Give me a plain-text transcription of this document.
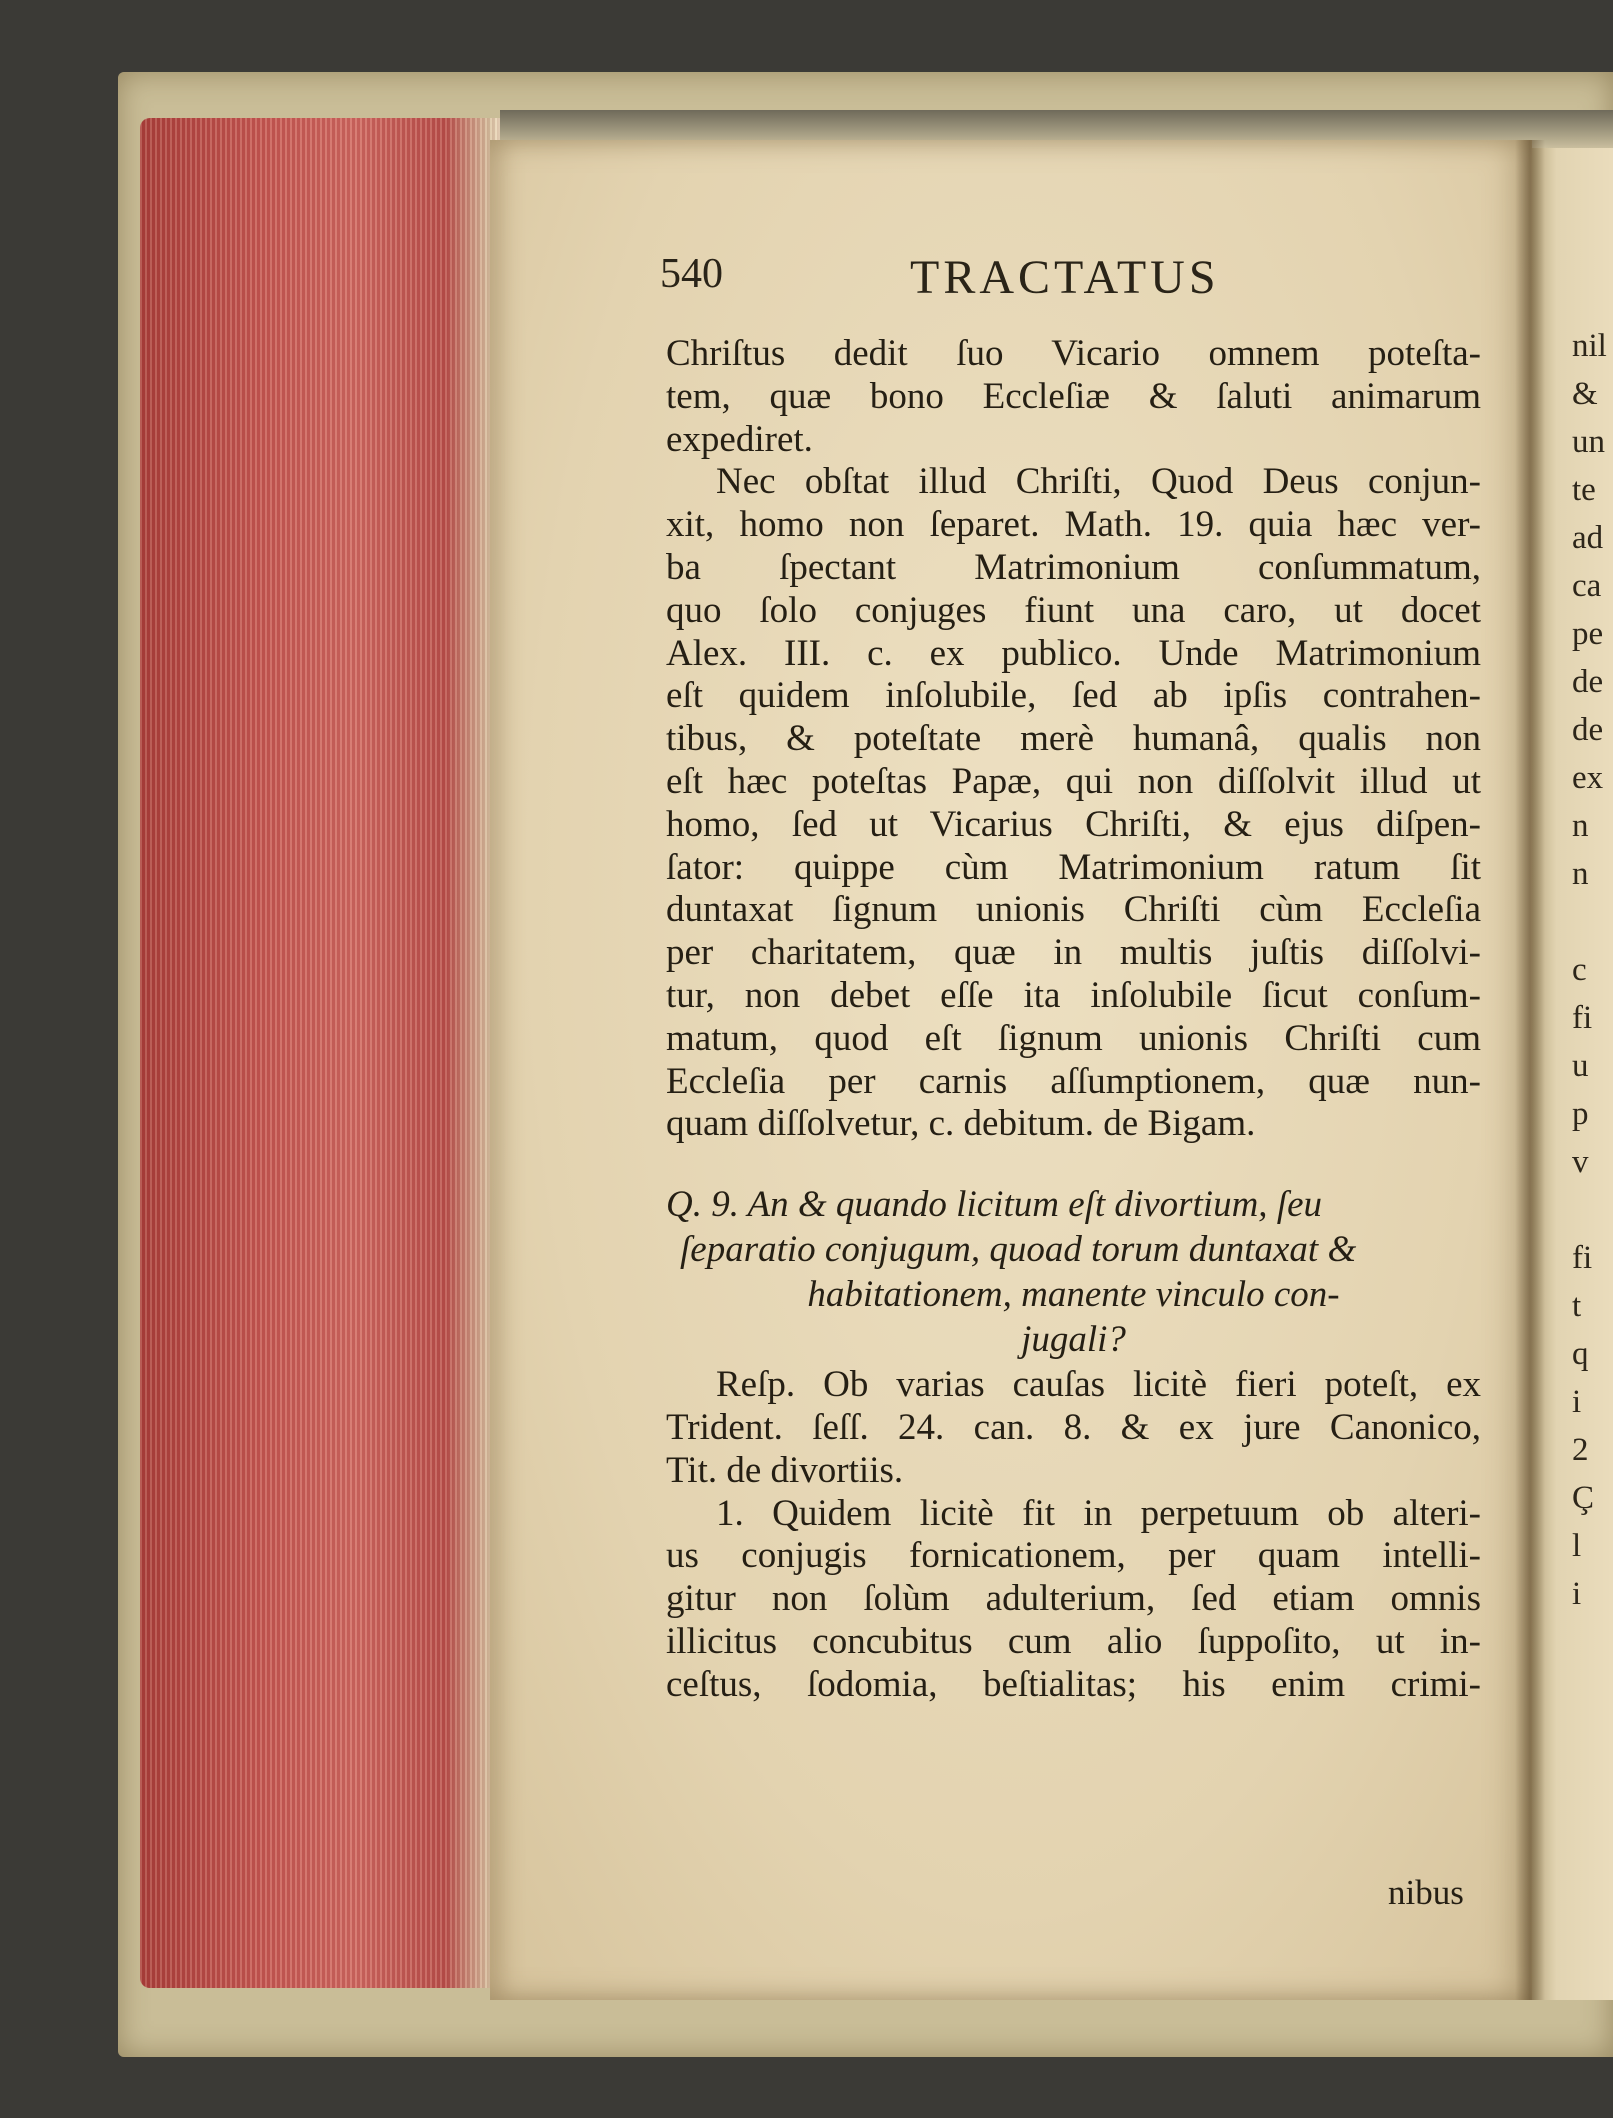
nil
&
un
te
ad
ca
pe
de
de
ex
n
n
c
fi
u
p
v
fi
t
q
i
2
Ç
l
i
540	TRACTATUS
Chriſtus dedit ſuo Vicario omnem poteſta-
tem, quæ bono Eccleſiæ & ſaluti animarum
expediret.
Nec obſtat illud Chriſti, Quod Deus conjun-
xit, homo non ſeparet. Math. 19. quia hæc ver-
ba ſpectant Matrimonium conſummatum,
quo ſolo conjuges fiunt una caro, ut docet
Alex. III. c. ex publico. Unde Matrimonium
eſt quidem inſolubile, ſed ab ipſis contrahen-
tibus, & poteſtate merè humanâ, qualis non
eſt hæc poteſtas Papæ, qui non diſſolvit illud ut
homo, ſed ut Vicarius Chriſti, & ejus diſpen-
ſator: quippe cùm Matrimonium ratum ſit
duntaxat ſignum unionis Chriſti cùm Eccleſia
per charitatem, quæ in multis juſtis diſſolvi-
tur, non debet eſſe ita inſolubile ſicut conſum-
matum, quod eſt ſignum unionis Chriſti cum
Eccleſia per carnis aſſumptionem, quæ nun-
quam diſſolvetur, c. debitum. de Bigam.
Q. 9. An & quando licitum eſt divortium, ſeu
ſeparatio conjugum, quoad torum duntaxat &
habitationem, manente vinculo con-
jugali?
Reſp. Ob varias cauſas licitè fieri poteſt, ex
Trident. ſeſſ. 24. can. 8. & ex jure Canonico,
Tit. de divortiis.
1. Quidem licitè fit in perpetuum ob alteri-
us conjugis fornicationem, per quam intelli-
gitur non ſolùm adulterium, ſed etiam omnis
illicitus concubitus cum alio ſuppoſito, ut in-
ceſtus, ſodomia, beſtialitas; his enim crimi-
nibus
